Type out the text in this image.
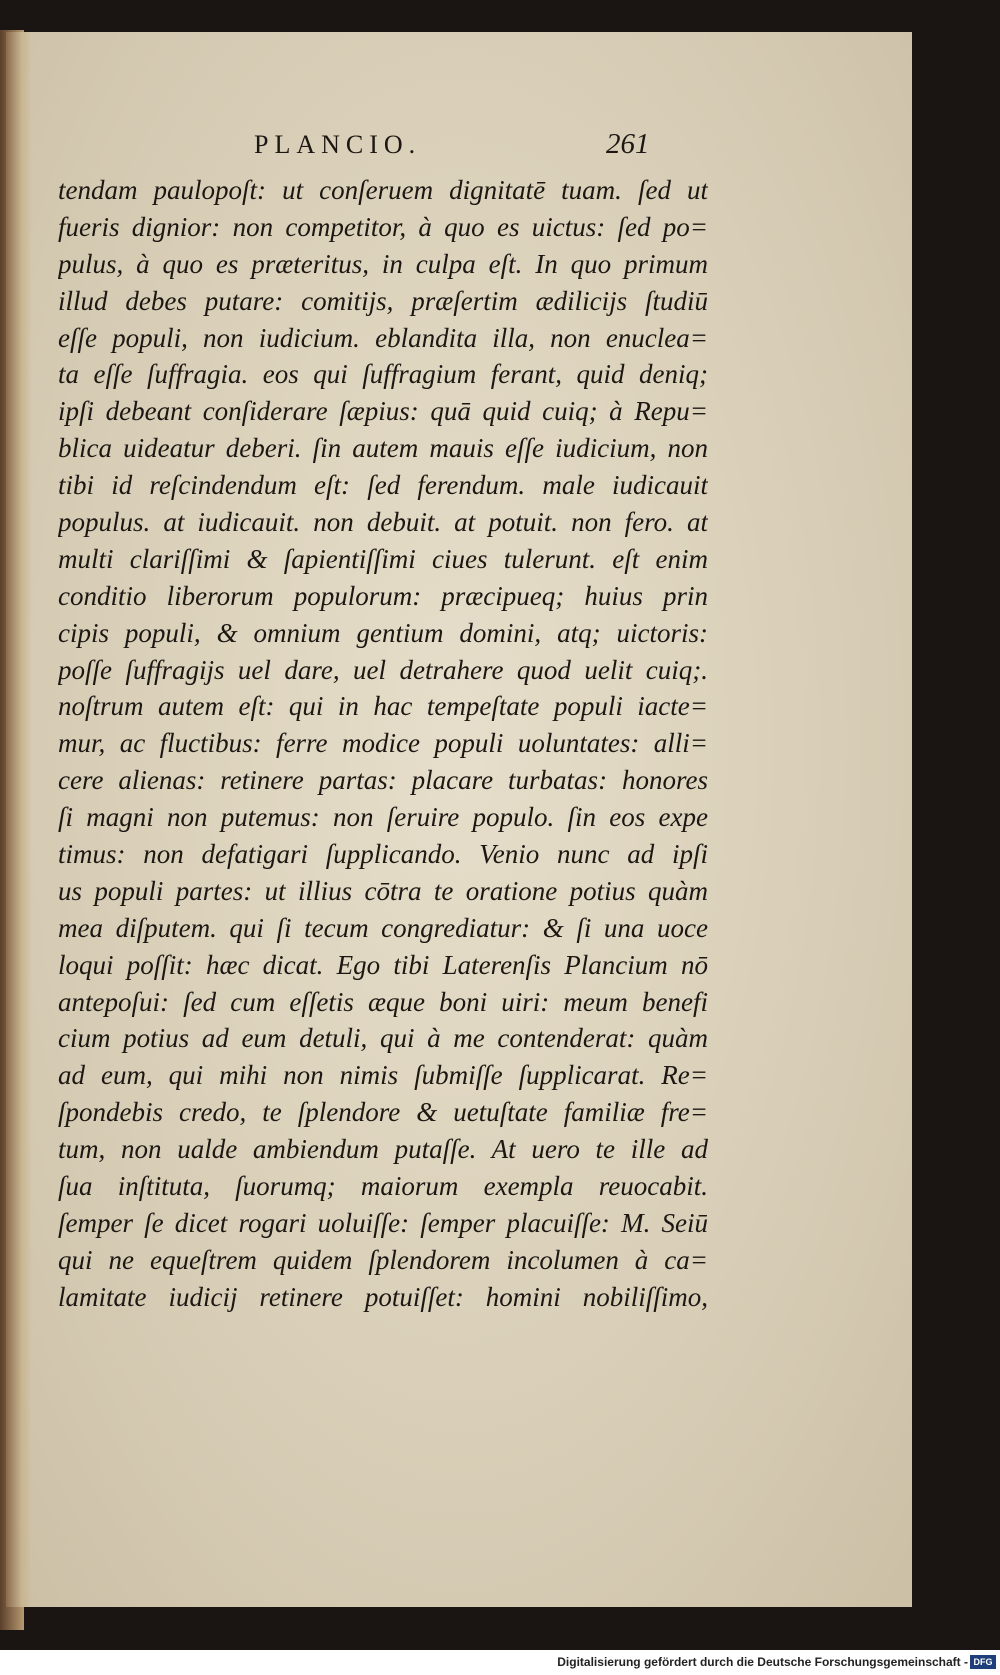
PLANCIO.	261
tendam paulopoſt: ut conſeruem dignitatē tuam. ſed ut
fueris dignior: non competitor, à quo es uictus: ſed po=
pulus, à quo es præteritus, in culpa eſt. In quo primum
illud debes putare: comitijs, præſertim ædilicijs ſtudiū
eſſe populi, non iudicium. eblandita illa, non enuclea=
ta eſſe ſuffragia. eos qui ſuffragium ferant, quid deniq;
ipſi debeant conſiderare ſæpius: quā quid cuiq; à Repu=
blica uideatur deberi. ſin autem mauis eſſe iudicium, non
tibi id reſcindendum eſt: ſed ferendum. male iudicauit
populus. at iudicauit. non debuit. at potuit. non fero. at
multi clariſſimi & ſapientiſſimi ciues tulerunt. eſt enim
conditio liberorum populorum: præcipueq; huius prin
cipis populi, & omnium gentium domini, atq; uictoris:
poſſe ſuffragijs uel dare, uel detrahere quod uelit cuiq;.
noſtrum autem eſt: qui in hac tempeſtate populi iacte=
mur, ac fluctibus: ferre modice populi uoluntates: alli=
cere alienas: retinere partas: placare turbatas: honores
ſi magni non putemus: non ſeruire populo. ſin eos expe
timus: non defatigari ſupplicando. Venio nunc ad ipſi
us populi partes: ut illius cōtra te oratione potius quàm
mea diſputem. qui ſi tecum congrediatur: & ſi una uoce
loqui poſſit: hæc dicat. Ego tibi Laterenſis Plancium nō
antepoſui: ſed cum eſſetis æque boni uiri: meum benefi
cium potius ad eum detuli, qui à me contenderat: quàm
ad eum, qui mihi non nimis ſubmiſſe ſupplicarat. Re=
ſpondebis credo, te ſplendore & uetuſtate familiæ fre=
tum, non ualde ambiendum putaſſe. At uero te ille ad
ſua inſtituta, ſuorumq; maiorum exempla reuocabit.
ſemper ſe dicet rogari uoluiſſe: ſemper placuiſſe: M. Seiū
qui ne equeſtrem quidem ſplendorem incolumen à ca=
lamitate iudicij retinere potuiſſet: homini nobiliſſimo,
Digitalisierung gefördert durch die Deutsche Forschungsgemeinschaft - DFG
